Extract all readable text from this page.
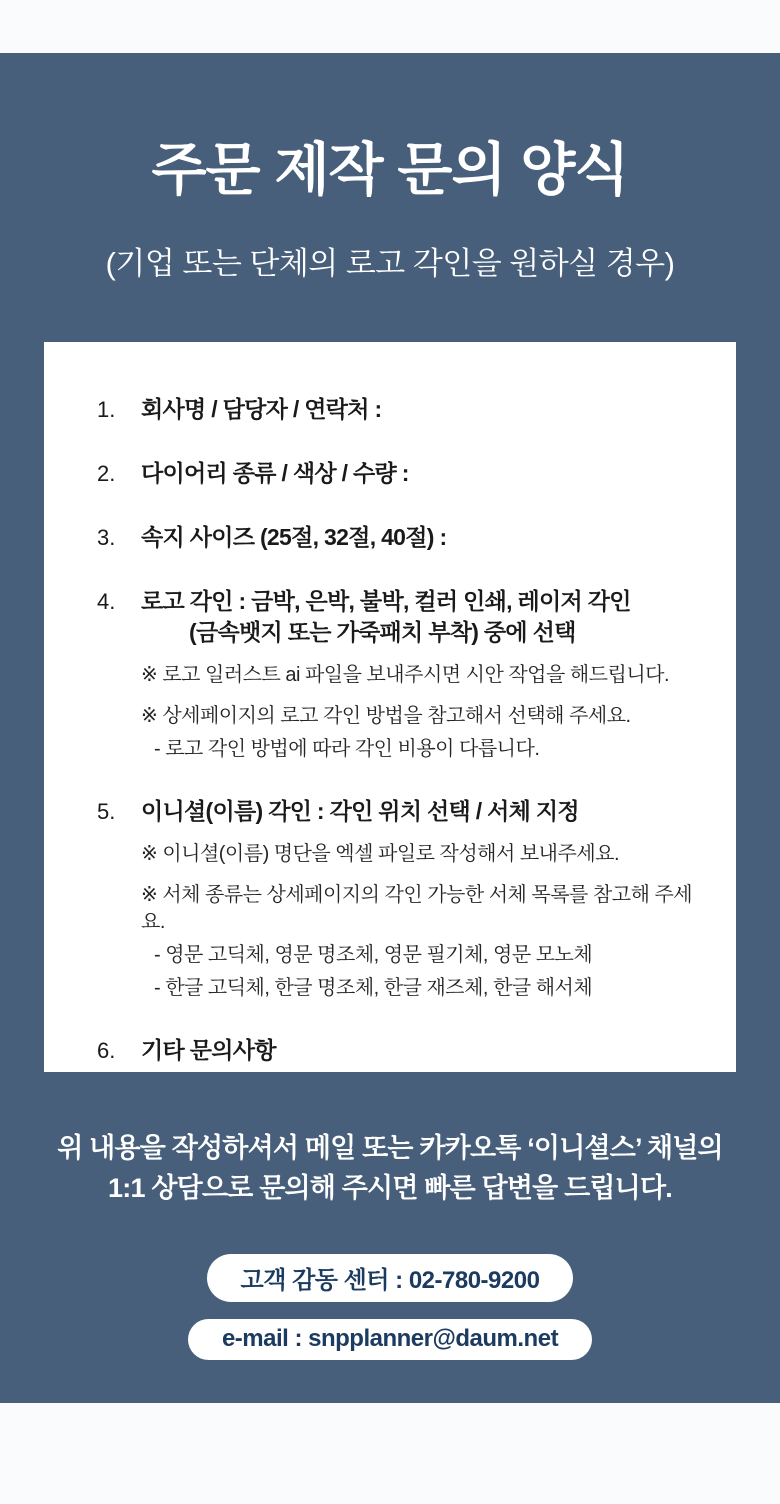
주문 제작 문의 양식
(기업 또는 단체의 로고 각인을 원하실 경우)
1.	회사명 / 담당자 / 연락처 :
2.	다이어리 종류 / 색상 / 수량 :
3.	속지 사이즈 (25절, 32절, 40절) :
4.	로고 각인 : 금박, 은박, 불박, 컬러 인쇄, 레이저 각인
(금속뱃지 또는 가죽패치 부착) 중에 선택
※ 로고 일러스트 ai 파일을 보내주시면 시안 작업을 해드립니다.
※ 상세페이지의 로고 각인 방법을 참고해서 선택해 주세요.
- 로고 각인 방법에 따라 각인 비용이 다릅니다.
5.	이니셜(이름) 각인 : 각인 위치 선택 / 서체 지정
※ 이니셜(이름) 명단을 엑셀 파일로 작성해서 보내주세요.
※ 서체 종류는 상세페이지의 각인 가능한 서체 목록를 참고해 주세요.
- 영문 고딕체, 영문 명조체, 영문 필기체, 영문 모노체
- 한글 고딕체, 한글 명조체, 한글 재즈체, 한글 해서체
6.	기타 문의사항
위 내용을 작성하셔서 메일 또는 카카오톡 ‘이니셜스’ 채널의
1:1 상담으로 문의해 주시면 빠른 답변을 드립니다.
고객 감동 센터 : 02-780-9200
e-mail : snpplanner@daum.net
